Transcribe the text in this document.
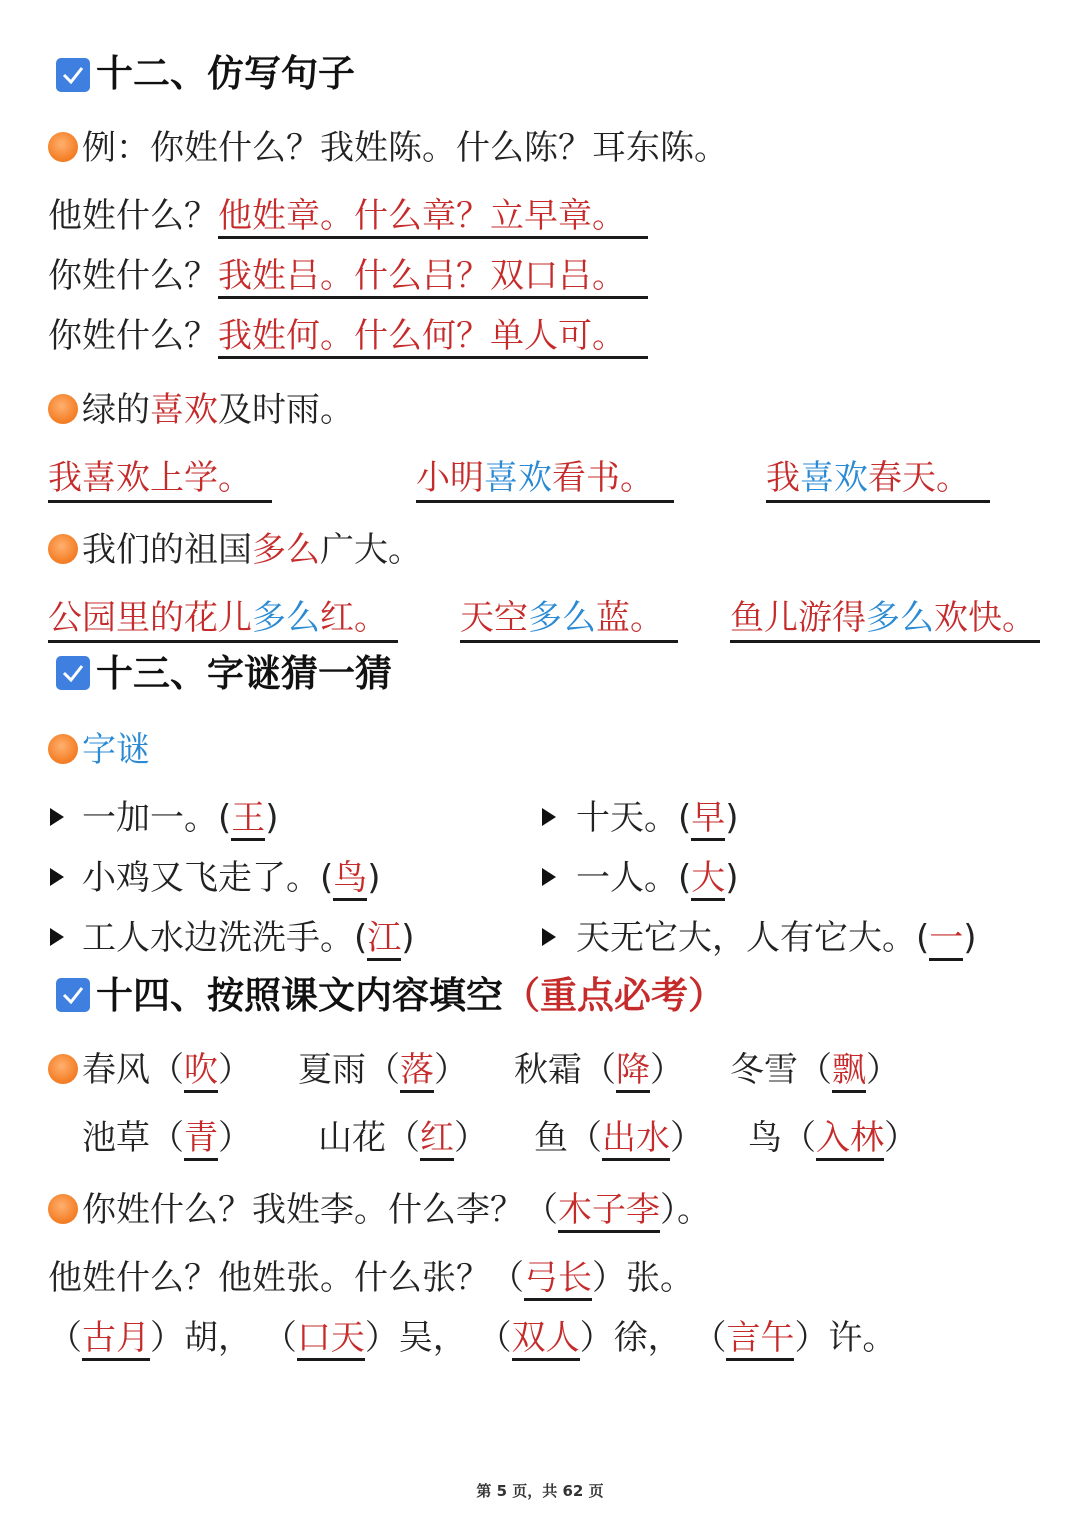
十二、仿写句子
例：你姓什么？我姓陈。什么陈？耳东陈。
他姓什么？他姓章。什么章？立早章。
你姓什么？我姓吕。什么吕？双口吕。
你姓什么？我姓何。什么何？单人可。
绿的喜欢及时雨。
我喜欢上学。	小明喜欢看书。	我喜欢春天。
我们的祖国多么广大。
公园里的花儿多么红。 天空多么蓝。	鱼儿游得多么欢快。
十三、字谜猜一猜
字谜
一加一。(王)
小鸡又飞走了。(鸟)
工人水边洗洗手。(江)
十天。(早)
一人。(大)
天无它大，人有它大。(一)
十四、按照课文内容填空（重点必考）
春风（吹） 夏雨（落） 秋霜（降） 冬雪（飘）
池草（青） 山花（红） 鱼（出水） 鸟（入林）
你姓什么？我姓李。什么李？（木子李）。
他姓什么？他姓张。什么张？（弓长）张。
（古月）胡， （口天）吴， （双人）徐， （言午）许。
第 5 页，共 62 页
